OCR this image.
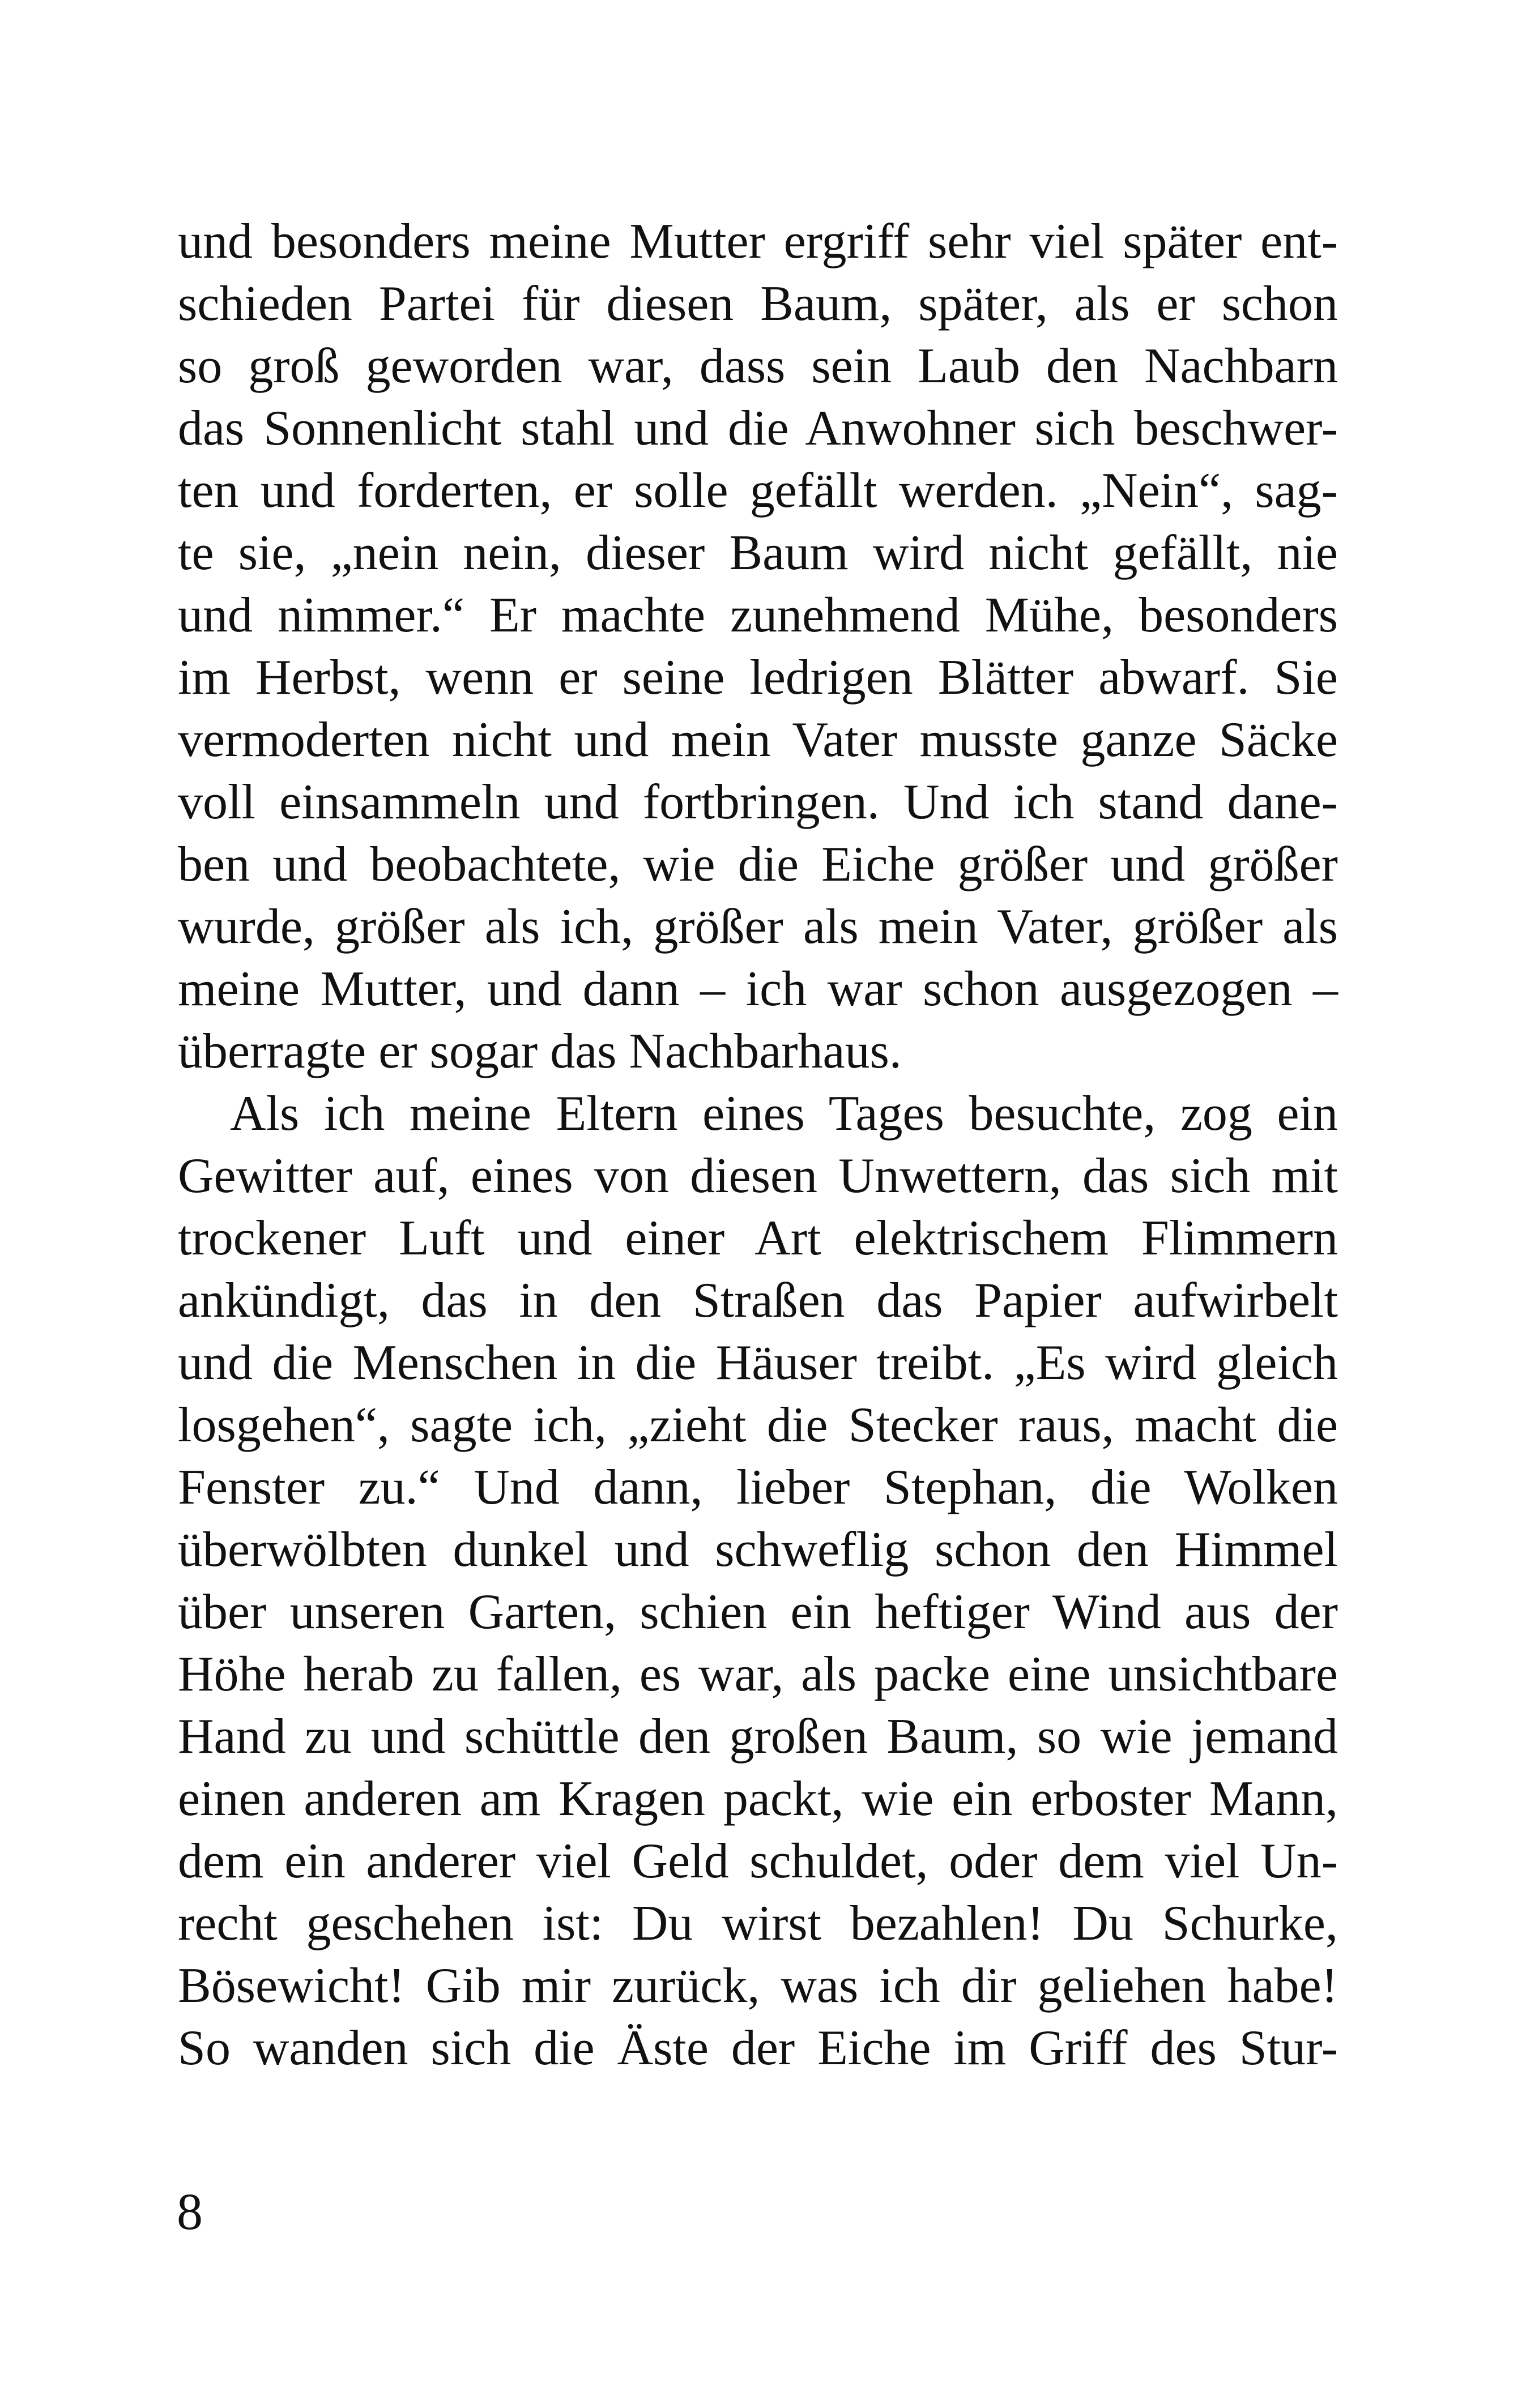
und besonders meine Mutter ergriff sehr viel später ent-
schieden Partei für diesen Baum, später, als er schon
so groß geworden war, dass sein Laub den Nachbarn
das Sonnenlicht stahl und die Anwohner sich beschwer-
ten und forderten, er solle gefällt werden. „Nein“, sag-
te sie, „nein nein, dieser Baum wird nicht gefällt, nie
und nimmer.“ Er machte zunehmend Mühe, besonders
im Herbst, wenn er seine ledrigen Blätter abwarf. Sie
vermoderten nicht und mein Vater musste ganze Säcke
voll einsammeln und fortbringen. Und ich stand dane-
ben und beobachtete, wie die Eiche größer und größer
wurde, größer als ich, größer als mein Vater, größer als
meine Mutter, und dann – ich war schon ausgezogen –
überragte er sogar das Nachbarhaus.
Als ich meine Eltern eines Tages besuchte, zog ein
Gewitter auf, eines von diesen Unwettern, das sich mit
trockener Luft und einer Art elektrischem Flimmern
ankündigt, das in den Straßen das Papier aufwirbelt
und die Menschen in die Häuser treibt. „Es wird gleich
losgehen“, sagte ich, „zieht die Stecker raus, macht die
Fenster zu.“ Und dann, lieber Stephan, die Wolken
überwölbten dunkel und schweflig schon den Himmel
über unseren Garten, schien ein heftiger Wind aus der
Höhe herab zu fallen, es war, als packe eine unsichtbare
Hand zu und schüttle den großen Baum, so wie jemand
einen anderen am Kragen packt, wie ein erboster Mann,
dem ein anderer viel Geld schuldet, oder dem viel Un-
recht geschehen ist: Du wirst bezahlen! Du Schurke,
Bösewicht! Gib mir zurück, was ich dir geliehen habe!
So wanden sich die Äste der Eiche im Griff des Stur-
8
